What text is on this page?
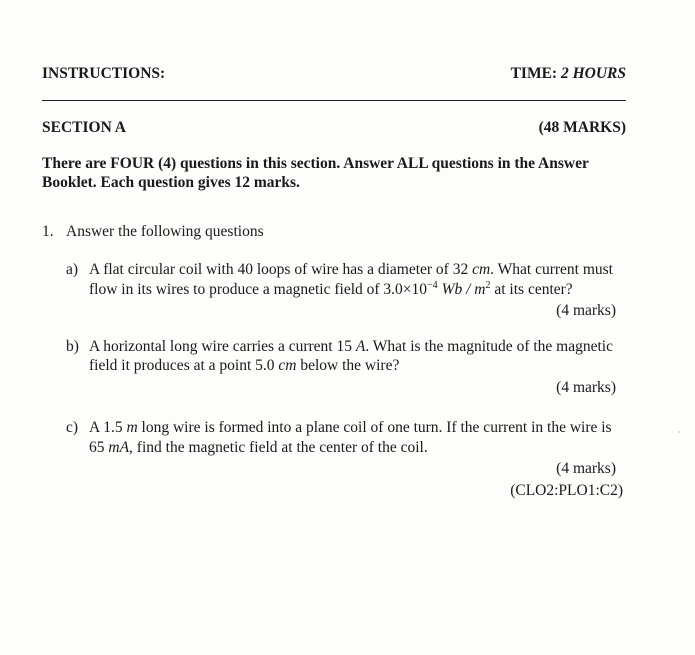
INSTRUCTIONS:	TIME: 2 HOURS
SECTION A	(48 MARKS)
There are FOUR (4) questions in this section. Answer ALL questions in the Answer
Booklet. Each question gives 12 marks.
1. Answer the following questions
a) A flat circular coil with 40 loops of wire has a diameter of 32 cm. What current must
flow in its wires to produce a magnetic field of $3.0\times 10^{-4}$ Wb / $m^2$ at its center?
(4 marks)
b) A horizontal long wire carries a current 15 A. What is the magnitude of the magnetic
field it produces at a point 5.0 cm below the wire?
(4 marks)
c) A 1.5 m long wire is formed into a plane coil of one turn. If the current in the wire is
65 mA, find the magnetic field at the center of the coil.
(4 marks)
(CLO2:PLO1:C2)
